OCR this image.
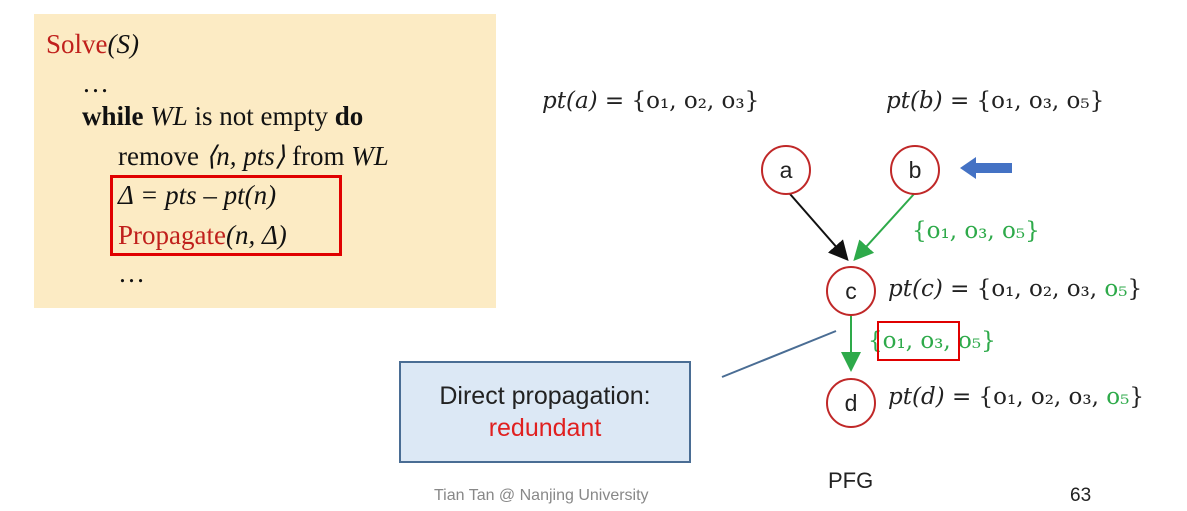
Solve(S)
…
while WL is not empty do
remove ⟨n, pts⟩ from WL
Δ = pts – pt(n)
Propagate(n, Δ)
…
pt(a) = {o₁, o₂, o₃}	pt(b) = {o₁, o₃, o₅}
pt(c) = {o₁, o₂, o₃, o₅}
pt(d) = {o₁, o₂, o₃, o₅}
{o₁, o₃, o₅}
{o₁, o₃, o₅}
a	b
c
d
Direct propagation:
redundant
Tian Tan @ Nanjing University
PFG
63
